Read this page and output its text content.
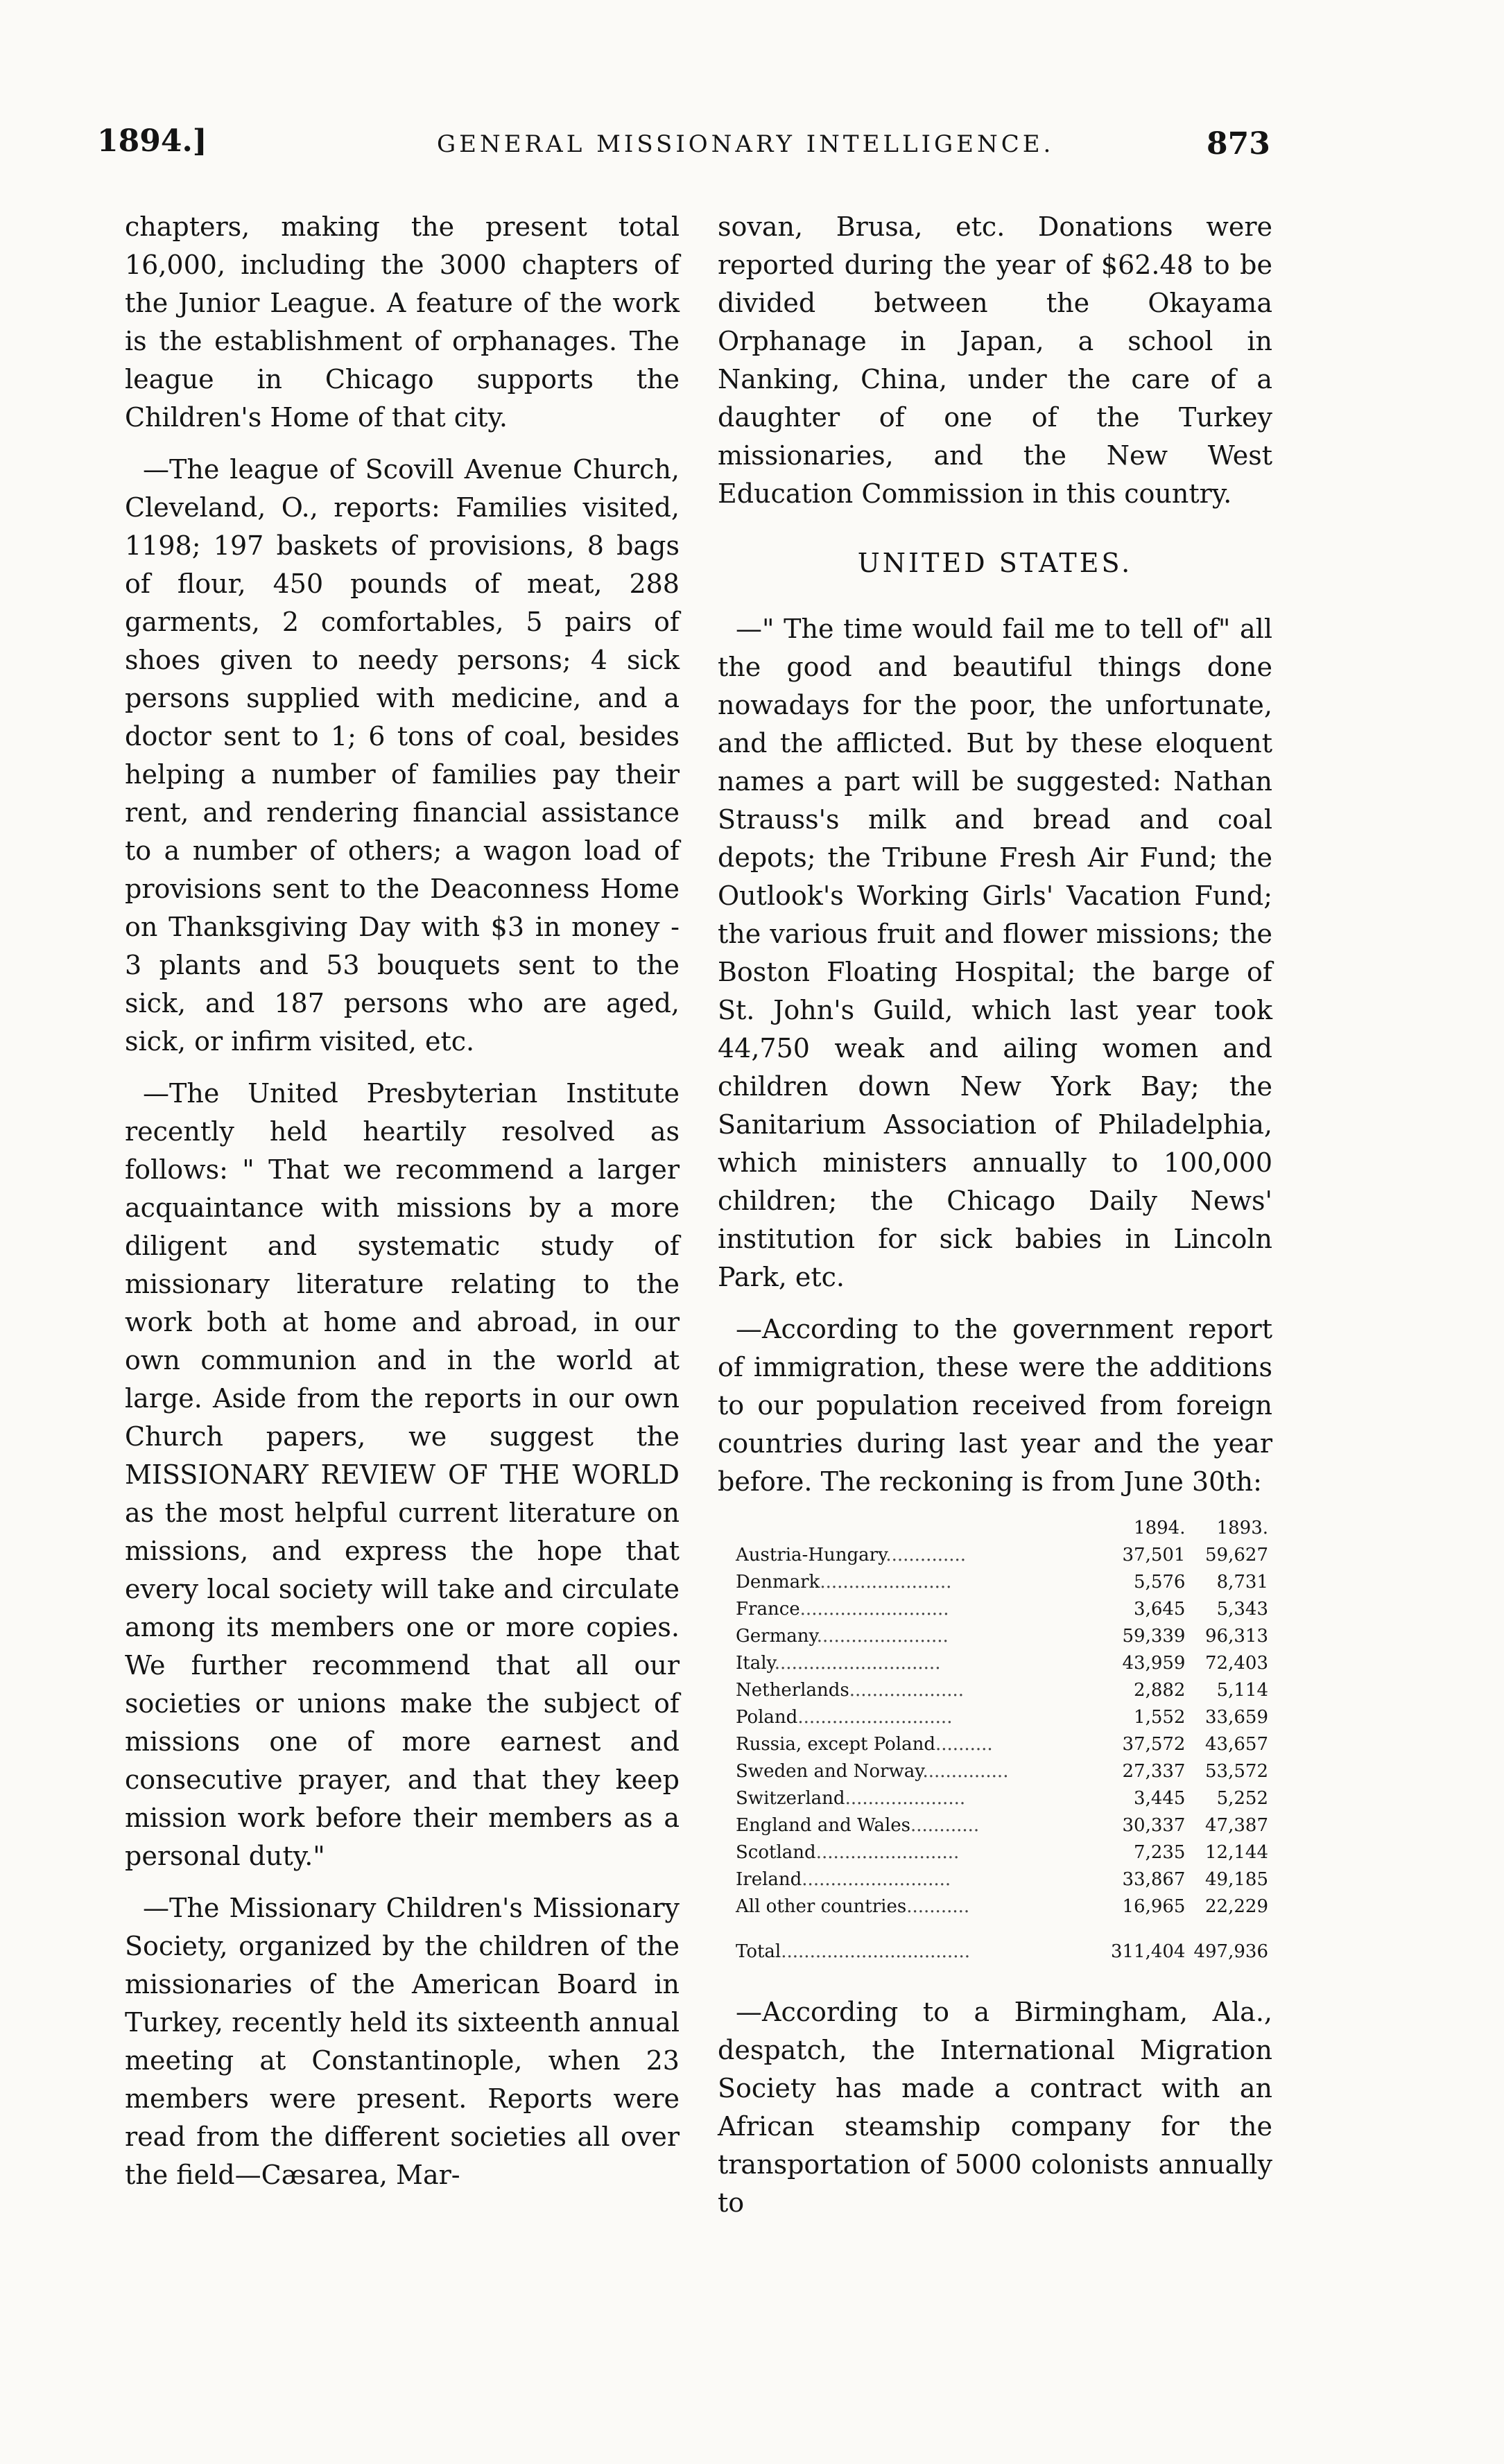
1894.]	GENERAL MISSIONARY INTELLIGENCE.	873

chapters, making the present total 16,000, including the 3000 chapters of the Junior League. A feature of the work is the establishment of orphanages. The league in Chicago supports the Children's Home of that city.

—The league of Scovill Avenue Church, Cleveland, O., reports: Families visited, 1198; 197 baskets of provisions, 8 bags of flour, 450 pounds of meat, 288 garments, 2 comfortables, 5 pairs of shoes given to needy persons; 4 sick persons supplied with medicine, and a doctor sent to 1; 6 tons of coal, besides helping a number of families pay their rent, and rendering financial assistance to a number of others; a wagon load of provisions sent to the Deaconness Home on Thanksgiving Day with $3 in money - 3 plants and 53 bouquets sent to the sick, and 187 persons who are aged, sick, or infirm visited, etc.

—The United Presbyterian Institute recently held heartily resolved as follows: " That we recommend a larger acquaintance with missions by a more diligent and systematic study of missionary literature relating to the work both at home and abroad, in our own communion and in the world at large. Aside from the reports in our own Church papers, we suggest the MISSIONARY REVIEW OF THE WORLD as the most helpful current literature on missions, and express the hope that every local society will take and circulate among its members one or more copies. We further recommend that all our societies or unions make the subject of missions one of more earnest and consecutive prayer, and that they keep mission work before their members as a personal duty."

—The Missionary Children's Missionary Society, organized by the children of the missionaries of the American Board in Turkey, recently held its sixteenth annual meeting at Constantinople, when 23 members were present. Reports were read from the different societies all over the field—Cæsarea, Mar-

sovan, Brusa, etc. Donations were reported during the year of $62.48 to be divided between the Okayama Orphanage in Japan, a school in Nanking, China, under the care of a daughter of one of the Turkey missionaries, and the New West Education Commission in this country.

UNITED STATES.

—" The time would fail me to tell of" all the good and beautiful things done nowadays for the poor, the unfortunate, and the afflicted. But by these eloquent names a part will be suggested: Nathan Strauss's milk and bread and coal depots; the Tribune Fresh Air Fund; the Outlook's Working Girls' Vacation Fund; the various fruit and flower missions; the Boston Floating Hospital; the barge of St. John's Guild, which last year took 44,750 weak and ailing women and children down New York Bay; the Sanitarium Association of Philadelphia, which ministers annually to 100,000 children; the Chicago Daily News' institution for sick babies in Lincoln Park, etc.

—According to the government report of immigration, these were the additions to our population received from foreign countries during last year and the year before. The reckoning is from June 30th:

	1894.	1893.
Austria-Hungary..............	37,501	59,627
Denmark.......................	5,576	8,731
France..........................	3,645	5,343
Germany.......................	59,339	96,313
Italy.............................	43,959	72,403
Netherlands....................	2,882	5,114
Poland...........................	1,552	33,659
Russia, except Poland..........	37,572	43,657
Sweden and Norway...............	27,337	53,572
Switzerland.....................	3,445	5,252
England and Wales............	30,337	47,387
Scotland.........................	7,235	12,144
Ireland..........................	33,867	49,185
All other countries...........	16,965	22,229
Total.................................	311,404	497,936

—According to a Birmingham, Ala., despatch, the International Migration Society has made a contract with an African steamship company for the transportation of 5000 colonists annually to
